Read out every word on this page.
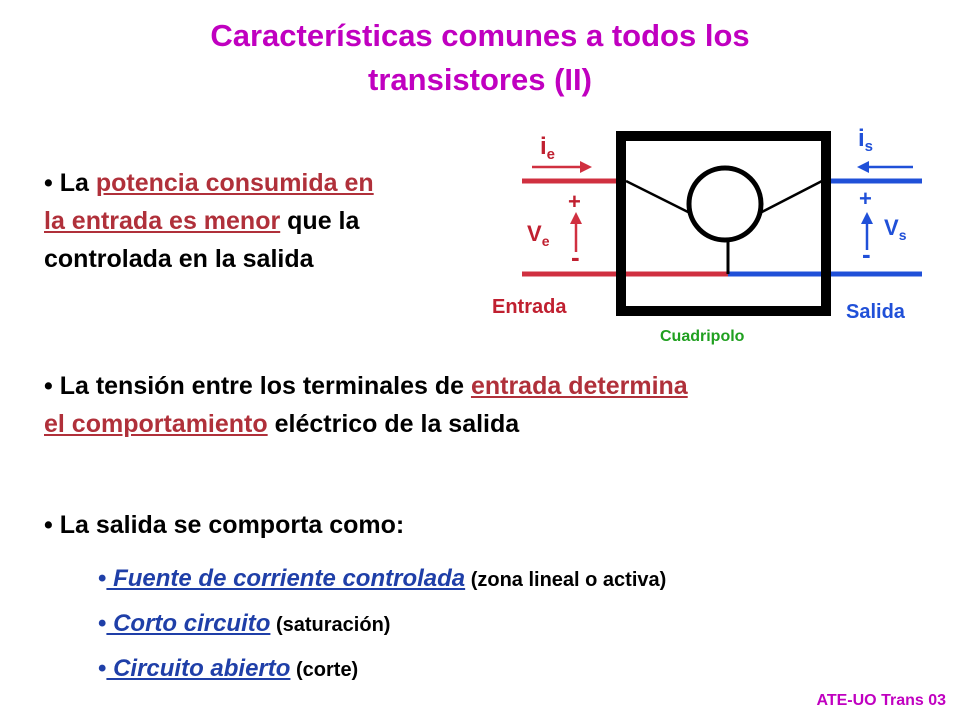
Características comunes a todos los
transistores (II)
• La potencia consumida en
la entrada es menor que la
controlada en la salida
$i_e$
$i_s$
+
-
$V_e$
+
-
$V_s$
Entrada	Salida
Cuadripolo
• La tensión entre los terminales de entrada determina
el comportamiento eléctrico de la salida
• La salida se comporta como:
• Fuente de corriente controlada (zona lineal o activa)
• Corto circuito (saturación)
• Circuito abierto (corte)
ATE-UO Trans 03
